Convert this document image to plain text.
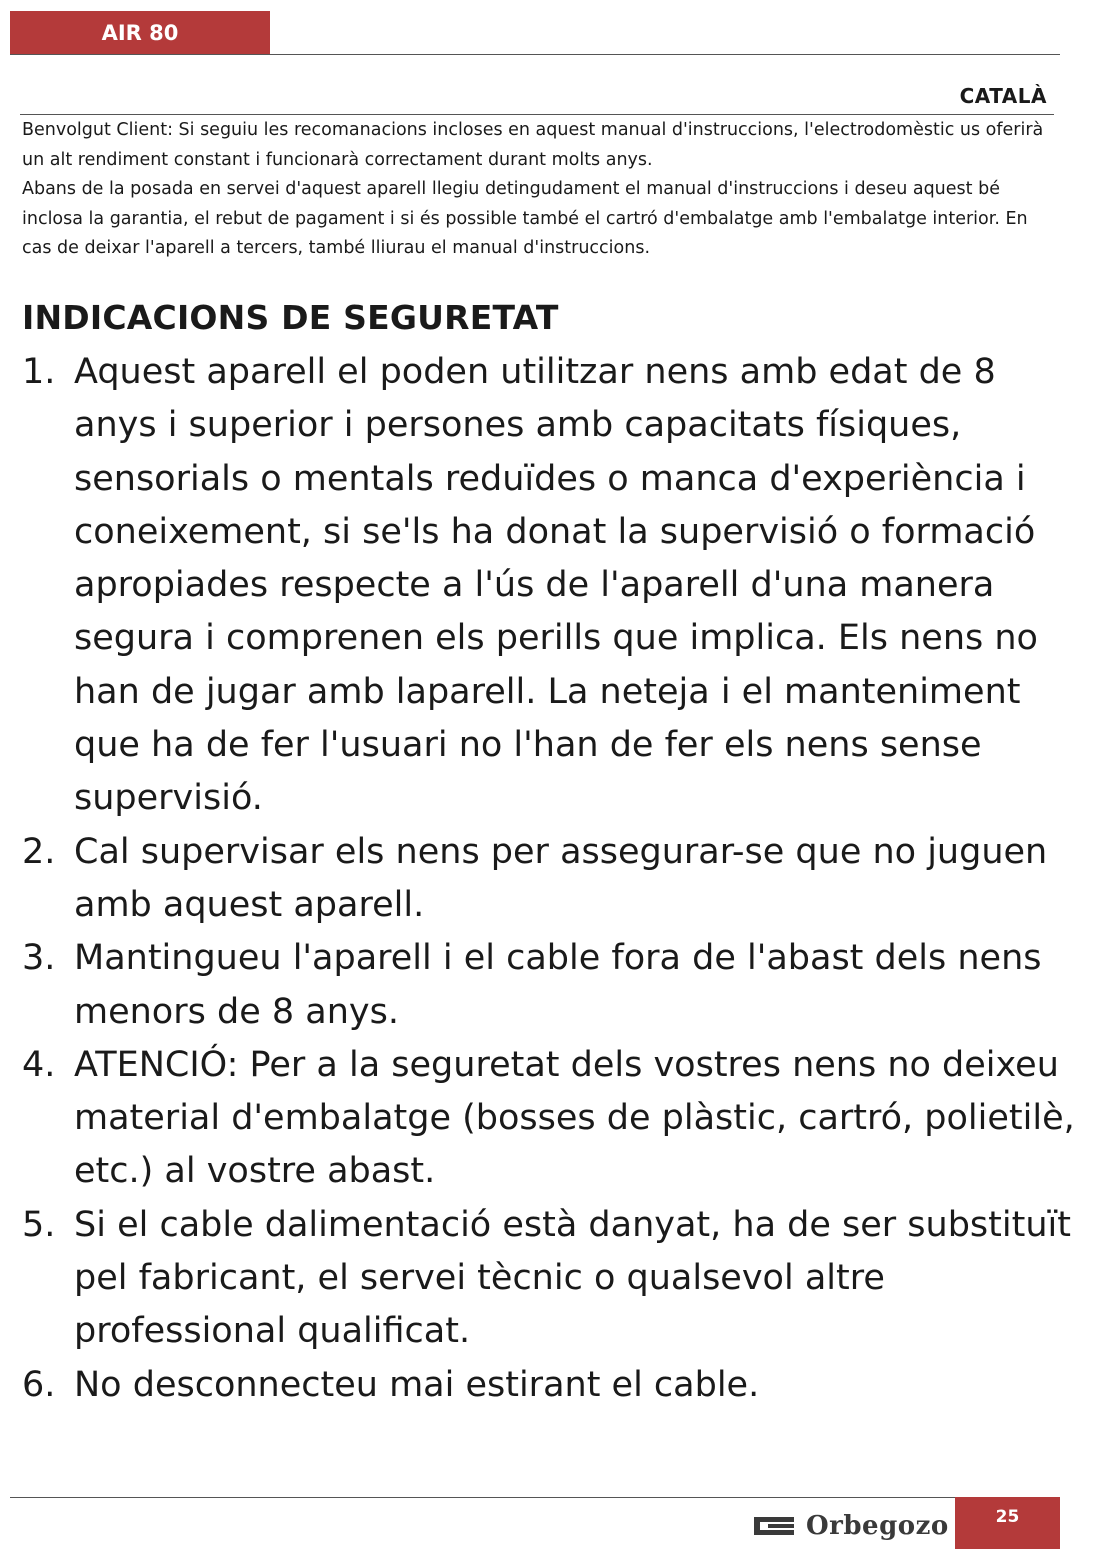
AIR 80
CATALÀ

Benvolgut Client: Si seguiu les recomanacions incloses en aquest manual d'instruccions, l'electrodomèstic us oferirà un alt rendiment constant i funcionarà correctament durant molts anys.

Abans de la posada en servei d'aquest aparell llegiu detingudament el manual d'instruccions i deseu aquest bé inclosa la garantia, el rebut de pagament i si és possible també el cartró d'embalatge amb l'embalatge interior. En cas de deixar l'aparell a tercers, també lliurau el manual d'instruccions.

INDICACIONS DE SEGURETAT
1. Aquest aparell el poden utilitzar nens amb edat de 8 anys i superior i persones amb capacitats físiques, sensorials o mentals reduïdes o manca d'experiència i coneixement, si se'ls ha donat la supervisió o formació apropiades respecte a l'ús de l'aparell d'una manera segura i comprenen els perills que implica. Els nens no han de jugar amb laparell. La neteja i el manteniment que ha de fer l'usuari no l'han de fer els nens sense supervisió.
2. Cal supervisar els nens per assegurar-se que no juguen amb aquest aparell.
3. Mantingueu l'aparell i el cable fora de l'abast dels nens menors de 8 anys.
4. ATENCIÓ: Per a la seguretat dels vostres nens no deixeu material d'embalatge (bosses de plàstic, cartró, polietilè, etc.) al vostre abast.
5. Si el cable dalimentació està danyat, ha de ser substituït pel fabricant, el servei tècnic o qualsevol altre professional qualificat.
6. No desconnecteu mai estirant el cable.
Orbegozo	25
